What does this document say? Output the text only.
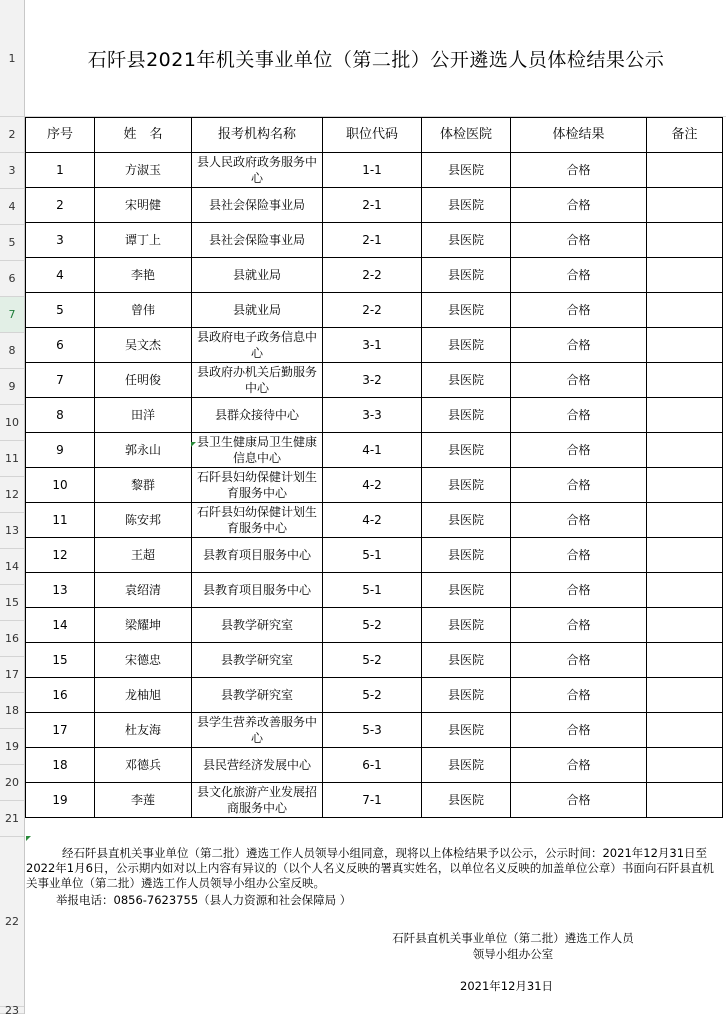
1
2
3
4
5
6
7
8
9
10
11
12
13
14
15
16
17
18
19
20
21
22
23
石阡县2021年机关事业单位（第二批）公开遴选人员体检结果公示
序号	姓　名	报考机构名称	职位代码	体检医院	体检结果	备注
1	方淑玉	县人民政府政务服务中心	1-1	县医院	合格	
2	宋明健	县社会保险事业局	2-1	县医院	合格	
3	谭丁上	县社会保险事业局	2-1	县医院	合格	
4	李艳	县就业局	2-2	县医院	合格	
5	曾伟	县就业局	2-2	县医院	合格	
6	吴文杰	县政府电子政务信息中心	3-1	县医院	合格	
7	任明俊	县政府办机关后勤服务中心	3-2	县医院	合格	
8	田洋	县群众接待中心	3-3	县医院	合格	
9	郭永山	县卫生健康局卫生健康信息中心	4-1	县医院	合格	
10	黎群	石阡县妇幼保健计划生育服务中心	4-2	县医院	合格	
11	陈安邦	石阡县妇幼保健计划生育服务中心	4-2	县医院	合格	
12	王超	县教育项目服务中心	5-1	县医院	合格	
13	袁绍清	县教育项目服务中心	5-1	县医院	合格	
14	梁耀坤	县教学研究室	5-2	县医院	合格	
15	宋德忠	县教学研究室	5-2	县医院	合格	
16	龙柚旭	县教学研究室	5-2	县医院	合格	
17	杜友海	县学生营养改善服务中心	5-3	县医院	合格	
18	邓德兵	县民营经济发展中心	6-1	县医院	合格	
19	李莲	县文化旅游产业发展招商服务中心	7-1	县医院	合格	

经石阡县直机关事业单位（第二批）遴选工作人员领导小组同意，现将以上体检结果予以公示，公示时间：2021年12月31日至2022年1月6日，公示期内如对以上内容有异议的（以个人名义反映的署真实姓名，以单位名义反映的加盖单位公章）书面向石阡县直机关事业单位（第二批）遴选工作人员领导小组办公室反映。

举报电话：0856-7623755（县人力资源和社会保障局 ）

石阡县直机关事业单位（第二批）遴选工作人员
领导小组办公室
2021年12月31日
